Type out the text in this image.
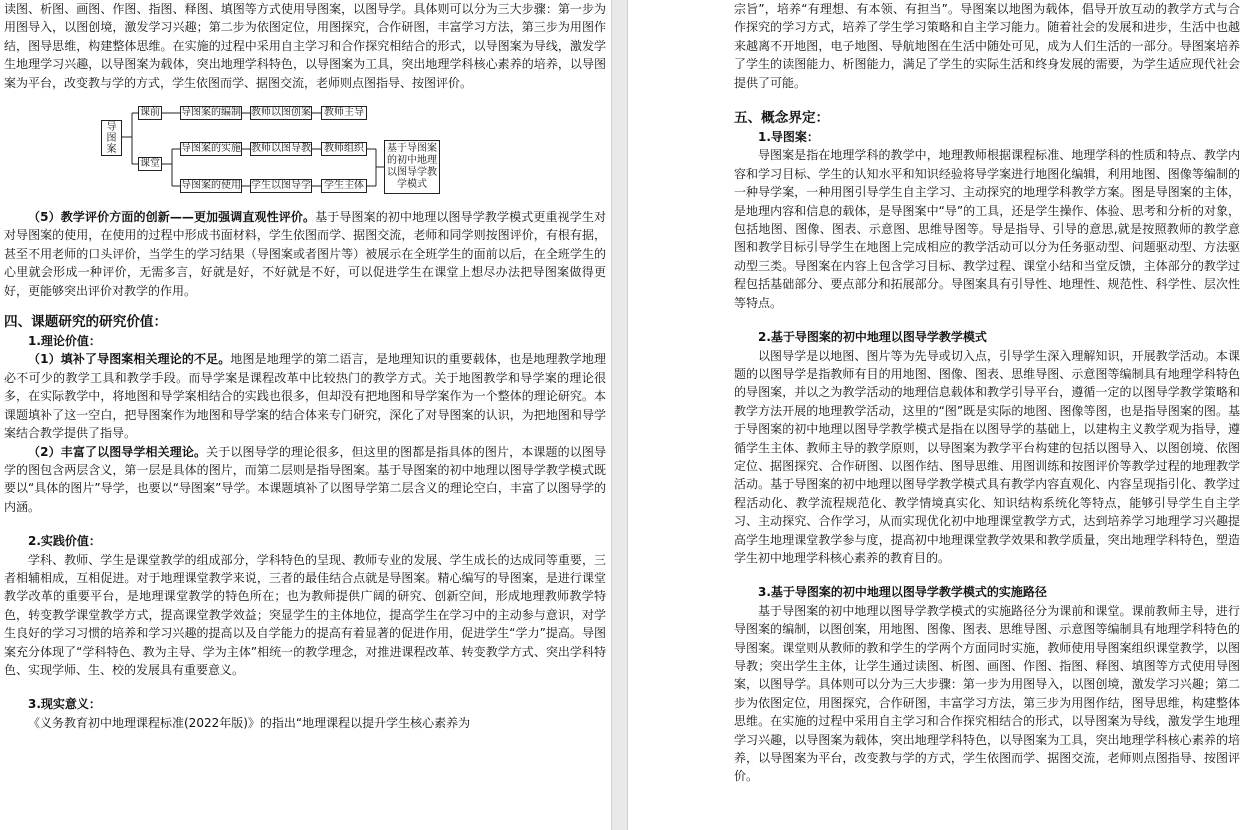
读图、析图、画图、作图、指图、释图、填图等方式使用导图案，以图导学。具体则可以分为三大步骤：第一步为用图导入，以图创境，激发学习兴趣；第二步为依图定位，用图探究，合作研图，丰富学习方法，第三步为用图作结，图导思维，构建整体思维。在实施的过程中采用自主学习和合作探究相结合的形式，以导图案为导线，激发学生地理学习兴趣，以导图案为载体，突出地理学科特色，以导图案为工具，突出地理学科核心素养的培养，以导图案为平台，改变教与学的方式，学生依图而学、据图交流，老师则点图指导、按图评价。

导图案
课前
课堂
导图案的编制 教师以图创案	教师主导
导图案的实施 教师以图导教	教师组织
导图案的使用 学生以图导学	学生主体
基于导图案的初中地理以图导学教学模式

（5）教学评价方面的创新——更加强调直观性评价。基于导图案的初中地理以图导学教学模式更重视学生对对导图案的使用，在使用的过程中形成书面材料，学生依图而学、据图交流，老师和同学则按图评价，有根有据，甚至不用老师的口头评价，当学生的学习结果（导图案或者图片等）被展示在全班学生的面前以后，在全班学生的心里就会形成一种评价，无需多言，好就是好，不好就是不好，可以促进学生在课堂上想尽办法把导图案做得更好，更能够突出评价对教学的作用。

四、课题研究的研究价值：

1.理论价值：

（1）填补了导图案相关理论的不足。地图是地理学的第二语言，是地理知识的重要载体，也是地理教学地理必不可少的教学工具和教学手段。而导学案是课程改革中比较热门的教学方式。关于地图教学和导学案的理论很多，在实际教学中，将地图和导学案相结合的实践也很多，但却没有把地图和导学案作为一个整体的理论研究。本课题填补了这一空白，把导图案作为地图和导学案的结合体来专门研究，深化了对导图案的认识，为把地图和导学案结合教学提供了指导。

（2）丰富了以图导学相关理论。关于以图导学的理论很多，但这里的图都是指具体的图片，本课题的以图导学的图包含两层含义，第一层是具体的图片，而第二层则是指导图案。基于导图案的初中地理以图导学教学模式既要以“具体的图片”导学，也要以“导图案”导学。本课题填补了以图导学第二层含义的理论空白，丰富了以图导学的内涵。

2.实践价值：

学科、教师、学生是课堂教学的组成部分，学科特色的呈现、教师专业的发展、学生成长的达成同等重要，三者相辅相成，互相促进。对于地理课堂教学来说，三者的最佳结合点就是导图案。精心编写的导图案，是进行课堂教学改革的重要平台，是地理课堂教学的特色所在；也为教师提供广阔的研究、创新空间，形成地理教师教学特色，转变教学课堂教学方式，提高课堂教学效益；突显学生的主体地位，提高学生在学习中的主动参与意识，对学生良好的学习习惯的培养和学习兴趣的提高以及自学能力的提高有着显著的促进作用，促进学生“学力”提高。导图案充分体现了“学科特色、教为主导、学为主体”相统一的教学理念，对推进课程改革、转变教学方式、突出学科特色、实现学师、生、校的发展具有重要意义。

3.现实意义：

《义务教育初中地理课程标准(2022年版)》的指出“地理课程以提升学生核心素养为

宗旨”，培养“有理想、有本领、有担当”。导图案以地图为载体，倡导开放互动的教学方式与合作探究的学习方式，培养了学生学习策略和自主学习能力。随着社会的发展和进步，生活中也越来越离不开地图，电子地图、导航地图在生活中随处可见，成为人们生活的一部分。导图案培养了学生的读图能力、析图能力，满足了学生的实际生活和终身发展的需要，为学生适应现代社会提供了可能。

五、概念界定：

1.导图案：

导图案是指在地理学科的教学中，地理教师根据课程标准、地理学科的性质和特点、教学内容和学习目标、学生的认知水平和知识经验将导学案进行地图化编辑，利用地图、图像等编制的一种导学案，一种用图引导学生自主学习、主动探究的地理学科教学方案。图是导图案的主体，是地理内容和信息的载体，是导图案中“导”的工具，还是学生操作、体验、思考和分析的对象，包括地图、图像、图表、示意图、思维导图等。导是指导、引导的意思,就是按照教师的教学意图和教学目标引导学生在地图上完成相应的教学活动可以分为任务驱动型、问题驱动型、方法驱动型三类。导图案在内容上包含学习目标、教学过程、课堂小结和当堂反馈，主体部分的教学过程包括基础部分、要点部分和拓展部分。导图案具有引导性、地理性、规范性、科学性、层次性等特点。

2.基于导图案的初中地理以图导学教学模式

以图导学是以地图、图片等为先导或切入点，引导学生深入理解知识，开展教学活动。本课题的以图导学是指教师有目的用地图、图像、图表、思维导图、示意图等编制具有地理学科特色的导图案，并以之为教学活动的地理信息载体和教学引导平台，遵循一定的以图导学教学策略和教学方法开展的地理教学活动，这里的“图”既是实际的地图、图像等图，也是指导图案的图。基于导图案的初中地理以图导学教学模式是指在以图导学的基础上，以建构主义教学观为指导，遵循学生主体、教师主导的教学原则，以导图案为教学平台构建的包括以图导入、以图创境、依图定位、据图探究、合作研图、以图作结、图导思维、用图训练和按图评价等教学过程的地理教学活动。基于导图案的初中地理以图导学教学模式具有教学内容直观化、内容呈现指引化、教学过程活动化、教学流程规范化、教学情境真实化、知识结构系统化等特点，能够引导学生自主学习、主动探究、合作学习，从而实现优化初中地理课堂教学方式，达到培养学习地理学习兴趣提高学生地理课堂教学参与度，提高初中地理课堂教学效果和教学质量，突出地理学科特色，塑造学生初中地理学科核心素养的教育目的。

3.基于导图案的初中地理以图导学教学模式的实施路径

基于导图案的初中地理以图导学教学模式的实施路径分为课前和课堂。课前教师主导，进行导图案的编制，以图创案，用地图、图像、图表、思维导图、示意图等编制具有地理学科特色的导图案。课堂则从教师的教和学生的学两个方面同时实施，教师使用导图案组织课堂教学，以图导教；突出学生主体，让学生通过读图、析图、画图、作图、指图、释图、填图等方式使用导图案，以图导学。具体则可以分为三大步骤：第一步为用图导入，以图创境，激发学习兴趣；第二步为依图定位，用图探究，合作研图，丰富学习方法，第三步为用图作结，图导思维，构建整体思维。在实施的过程中采用自主学习和合作探究相结合的形式，以导图案为导线，激发学生地理学习兴趣，以导图案为载体，突出地理学科特色，以导图案为工具，突出地理学科核心素养的培养，以导图案为平台，改变教与学的方式，学生依图而学、据图交流，老师则点图指导、按图评价。
